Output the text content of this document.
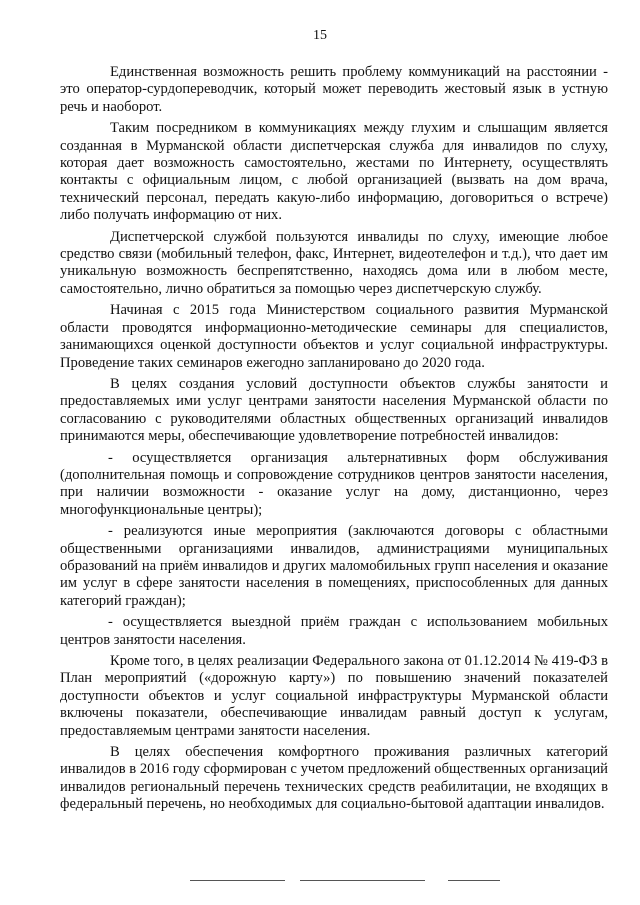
15

Единственная возможность решить проблему коммуникаций на расстоянии - это оператор-сурдопереводчик, который может переводить жестовый язык в устную речь и наоборот.

Таким посредником в коммуникациях между глухим и слышащим является созданная в Мурманской области диспетчерская служба для инвалидов по слуху, которая дает возможность самостоятельно, жестами по Интернету, осуществлять контакты с официальным лицом, с любой организацией (вызвать на дом врача, технический персонал, передать какую-либо информацию, договориться о встрече) либо получать информацию от них.

Диспетчерской службой пользуются инвалиды по слуху, имеющие любое средство связи (мобильный телефон, факс, Интернет, видеотелефон и т.д.), что дает им уникальную возможность беспрепятственно, находясь дома или в любом месте, самостоятельно, лично обратиться за помощью через диспетчерскую службу.

Начиная с 2015 года Министерством социального развития Мурманской области проводятся информационно-методические семинары для специалистов, занимающихся оценкой доступности объектов и услуг социальной инфраструктуры. Проведение таких семинаров ежегодно запланировано до 2020 года.

В целях создания условий доступности объектов службы занятости и предоставляемых ими услуг центрами занятости населения Мурманской области по согласованию с руководителями областных общественных организаций инвалидов принимаются меры, обеспечивающие удовлетворение потребностей инвалидов:

- осуществляется организация альтернативных форм обслуживания (дополнительная помощь и сопровождение сотрудников центров занятости населения, при наличии возможности - оказание услуг на дому, дистанционно, через многофункциональные центры);

- реализуются иные мероприятия (заключаются договоры с областными общественными организациями инвалидов, администрациями муниципальных образований на приём инвалидов и других маломобильных групп населения и оказание им услуг в сфере занятости населения в помещениях, приспособленных для данных категорий граждан);

- осуществляется выездной приём граждан с использованием мобильных центров занятости населения.

Кроме того, в целях реализации Федерального закона от 01.12.2014 № 419-ФЗ в План мероприятий («дорожную карту») по повышению значений показателей доступности объектов и услуг социальной инфраструктуры Мурманской области включены показатели, обеспечивающие инвалидам равный доступ к услугам, предоставляемым центрами занятости населения.

В целях обеспечения комфортного проживания различных категорий инвалидов в 2016 году сформирован с учетом предложений общественных организаций инвалидов региональный перечень технических средств реабилитации, не входящих в федеральный перечень, но необходимых для социально-бытовой адаптации инвалидов.
